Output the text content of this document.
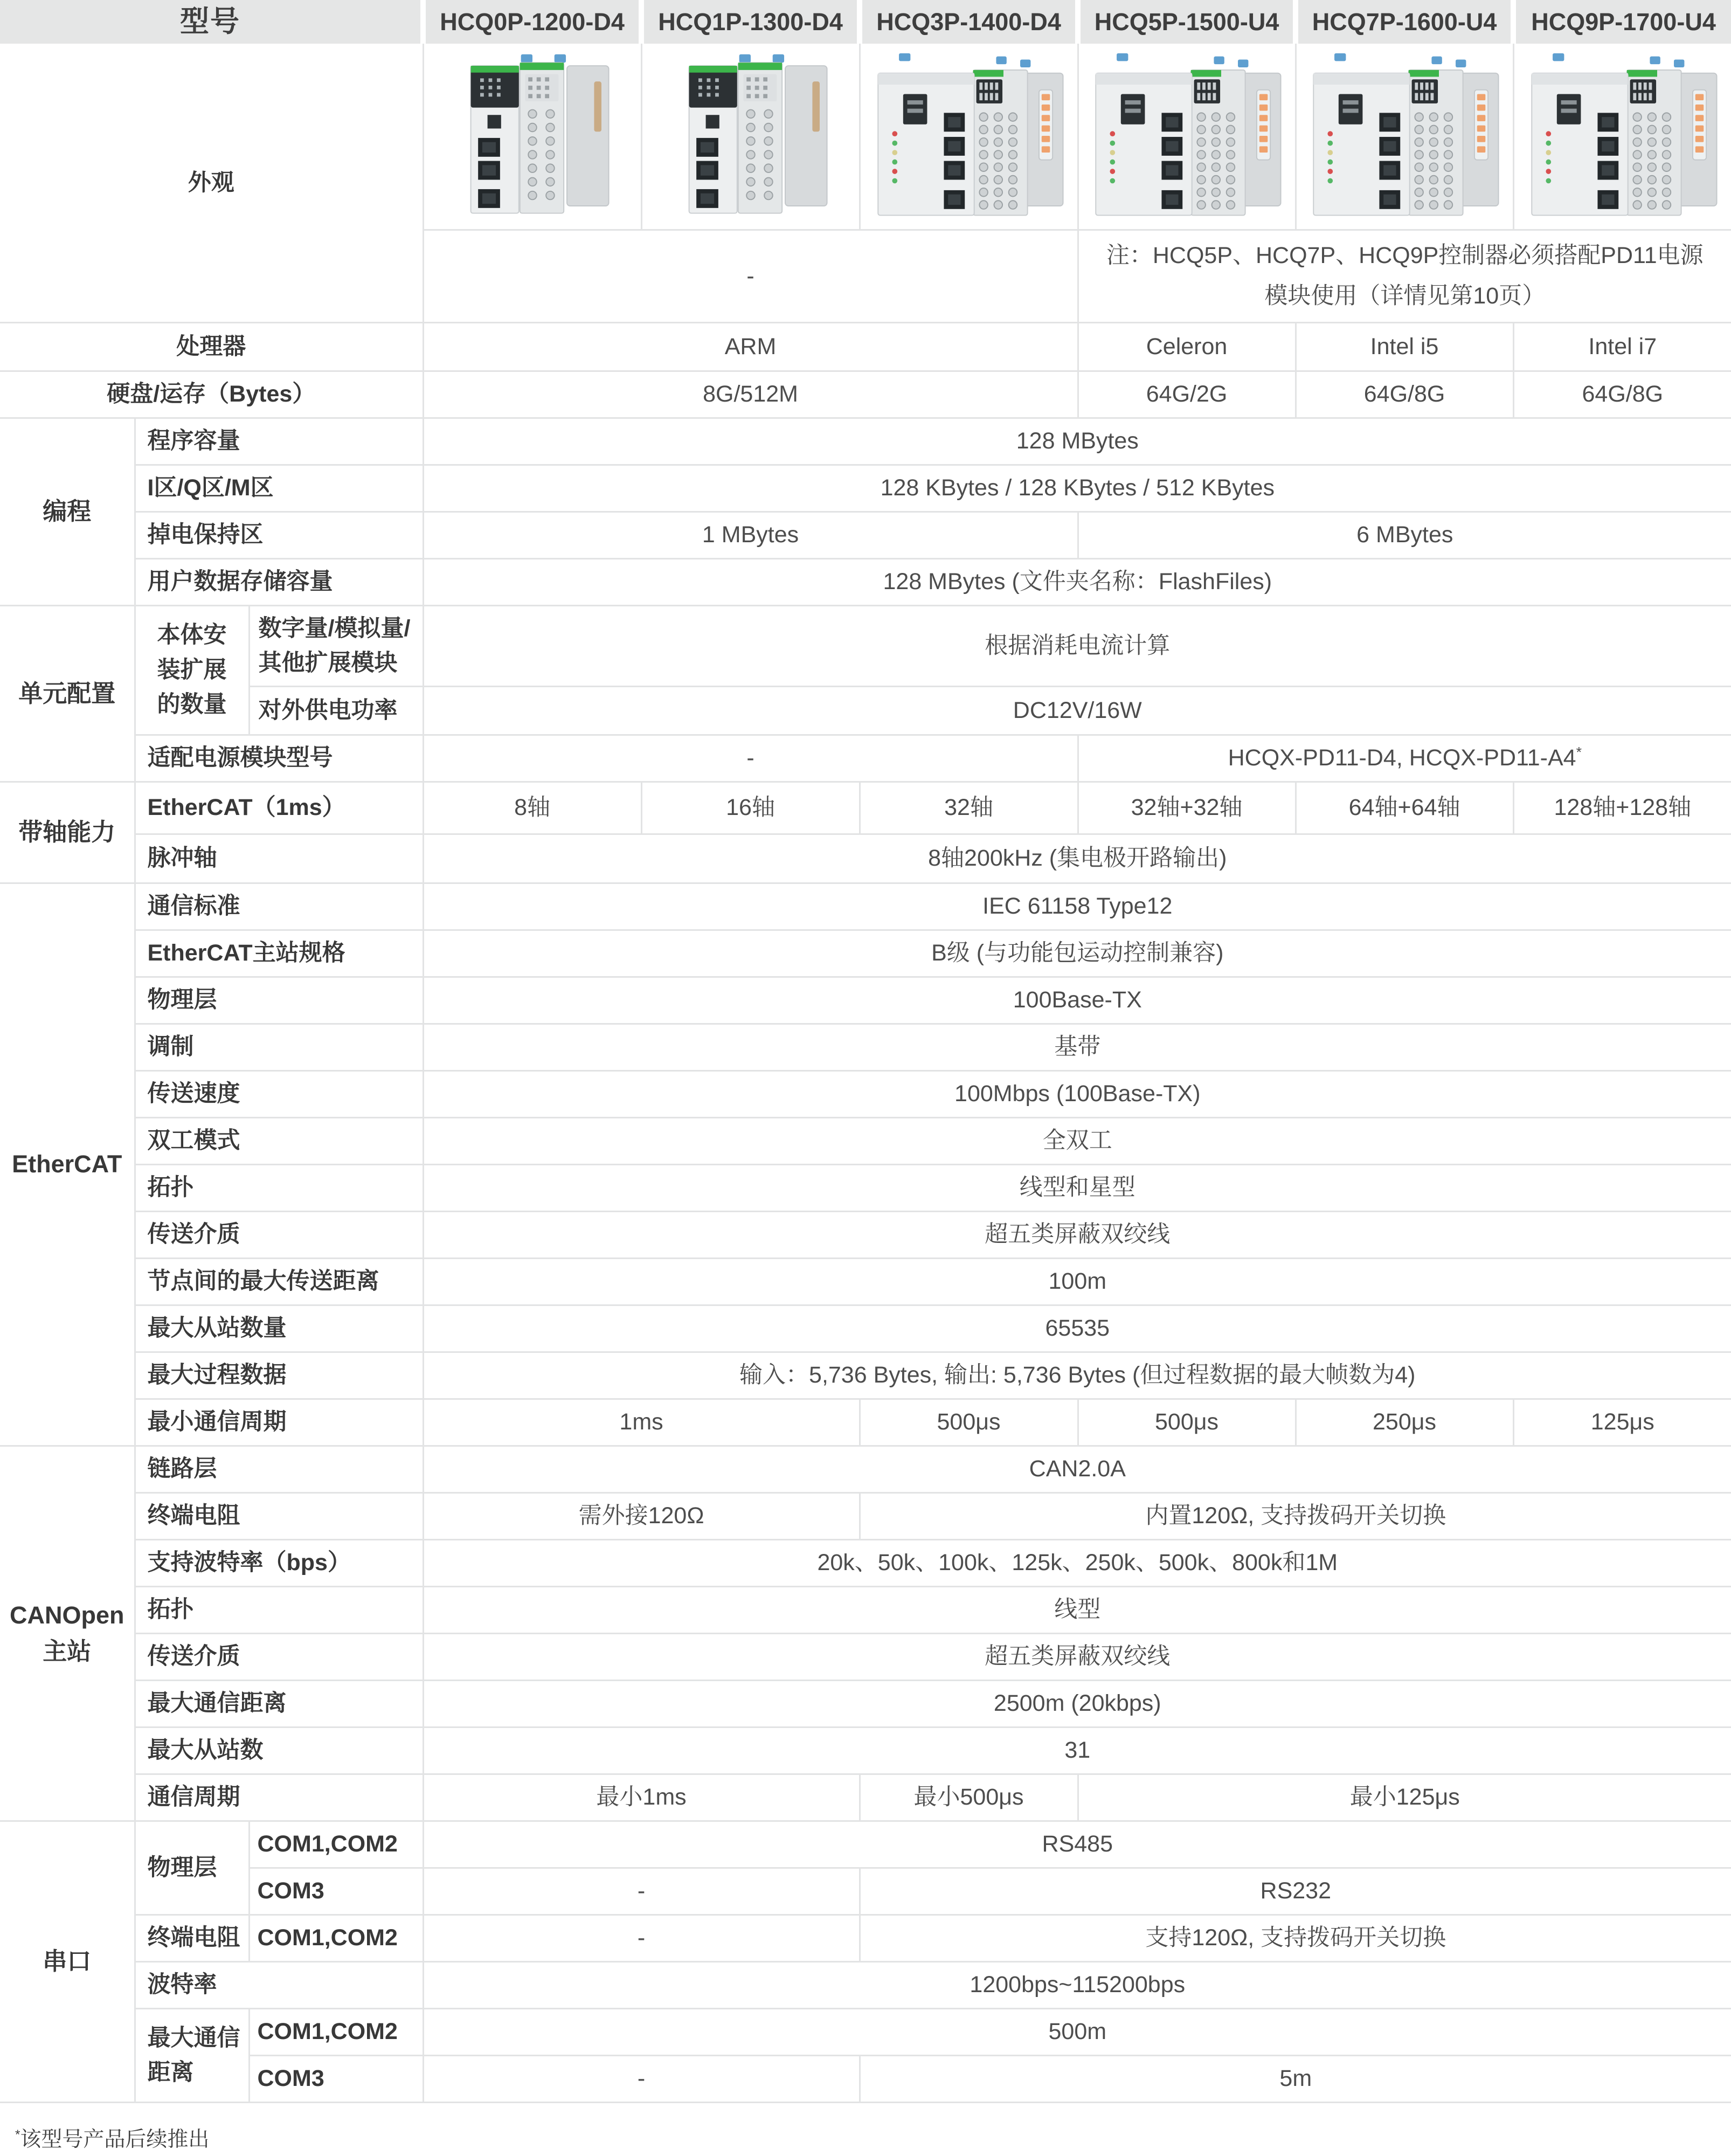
型号			HCQ0P-1200-D4	HCQ1P-1300-D4	HCQ3P-1400-D4	HCQ5P-1500-U4	HCQ7P-1600-U4	HCQ9P-1700-U4
外观	

			-			注：HCQ5P、HCQ7P、HCQ9P控制器必须搭配PD11电源模块使用（详情见第10页）		
处理器			ARM			Celeron	Intel i5	Intel i7
硬盘/运存（Bytes）			8G/512M			64G/2G	64G/8G	64G/8G
编程	程序容量		128 MBytes					
	I区/Q区/M区		128 KBytes / 128 KBytes / 512 KBytes					
	掉电保持区		1 MBytes			6 MBytes		
	用户数据存储容量		128 MBytes (文件夹名称：FlashFiles)					
单元配置	本体安装扩展的数量	数字量/模拟量/其他扩展模块	根据消耗电流计算					
		对外供电功率	DC12V/16W					
	适配电源模块型号		-			HCQX-PD11-D4, HCQX-PD11-A4*
带轴能力	EtherCAT（1ms）		8轴	16轴	32轴	32轴+32轴	64轴+64轴	128轴+128轴
	脉冲轴		8轴200kHz (集电极开路输出)					
EtherCAT	通信标准		IEC 61158 Type12					
	EtherCAT主站规格		B级 (与功能包运动控制兼容)					
	物理层		100Base-TX					
	调制		基带					
	传送速度		100Mbps (100Base-TX)					
	双工模式		全双工					
	拓扑		线型和星型					
	传送介质		超五类屏蔽双绞线					
	节点间的最大传送距离		100m					
	最大从站数量		65535					
	最大过程数据		输入：5,736 Bytes, 输出: 5,736 Bytes (但过程数据的最大帧数为4)					
	最小通信周期		1ms		500μs	500μs	250μs	125μs
CANOpen主站	链路层		CAN2.0A					
	终端电阻		需外接120Ω		内置120Ω, 支持拨码开关切换			
	支持波特率（bps）		20k、50k、100k、125k、250k、500k、800k和1M					
	拓扑		线型					
	传送介质		超五类屏蔽双绞线					
	最大通信距离		2500m (20kbps)					
	最大从站数		31					
	通信周期		最小1ms		最小500μs	最小125μs		
串口	物理层	COM1,COM2	RS485					
		COM3	-		RS232			
	终端电阻	COM1,COM2	-		支持120Ω, 支持拨码开关切换			
	波特率		1200bps~115200bps					
	最大通信距离	COM1,COM2	500m					
		COM3	-		5m			
*该型号产品后续推出
